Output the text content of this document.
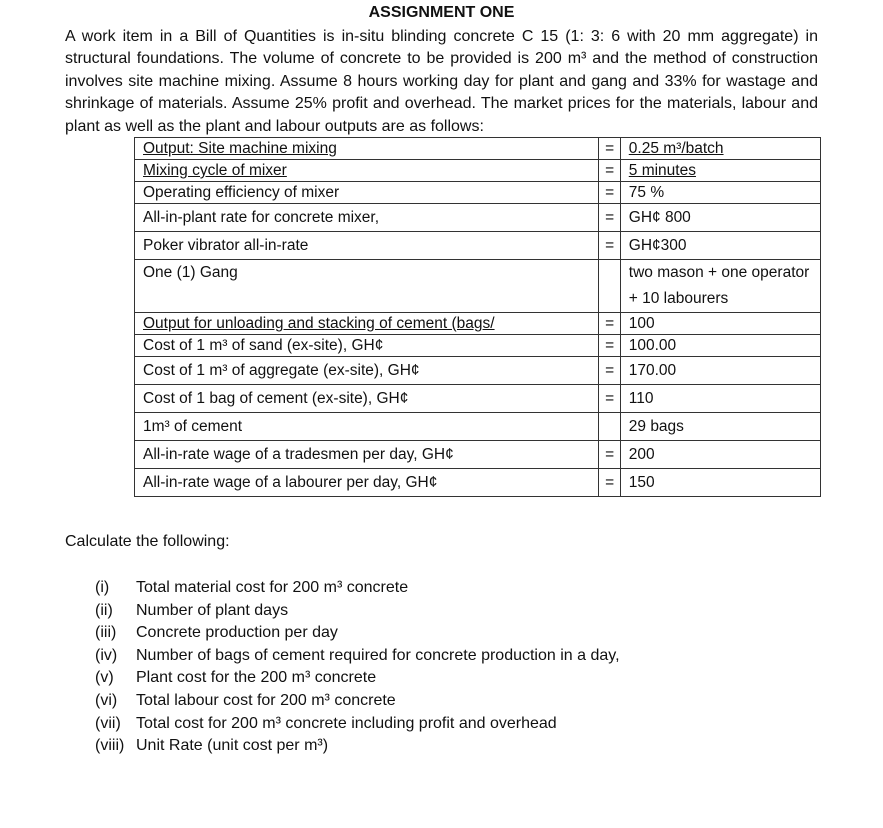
ASSIGNMENT ONE
A work item in a Bill of Quantities is in-situ blinding concrete C 15 (1: 3: 6 with 20 mm aggregate) in structural foundations. The volume of concrete to be provided is 200 m³ and the method of construction involves site machine mixing. Assume 8 hours working day for plant and gang and 33% for wastage and shrinkage of materials. Assume 25% profit and overhead. The market prices for the materials, labour and plant as well as the plant and labour outputs are as follows:
Output: Site machine mixing	=	0.25 m³/batch
Mixing cycle of mixer	=	5 minutes
Operating efficiency of mixer	=	75 %
All-in-plant rate for concrete mixer,	=	GH¢ 800
Poker vibrator all-in-rate	=	GH¢300
One (1) Gang		two mason + one operator + 10 labourers
Output for unloading and stacking of cement (bags/	=	100
Cost of 1 m³ of sand (ex-site), GH¢	=	100.00
Cost of 1 m³ of aggregate (ex-site), GH¢	=	170.00
Cost of 1 bag of cement (ex-site), GH¢	=	110
1m³ of cement		29 bags
All-in-rate wage of a tradesmen per day, GH¢	=	200
All-in-rate wage of a labourer per day, GH¢	=	150
Calculate the following:
(i)	Total material cost for 200 m³ concrete
(ii)	Number of plant days
(iii)	Concrete production per day
(iv)	Number of bags of cement required for concrete production in a day,
(v)	Plant cost for the 200 m³ concrete
(vi)	Total labour cost for 200 m³ concrete
(vii) Total cost for 200 m³ concrete including profit and overhead
(viii) Unit Rate (unit cost per m³)
